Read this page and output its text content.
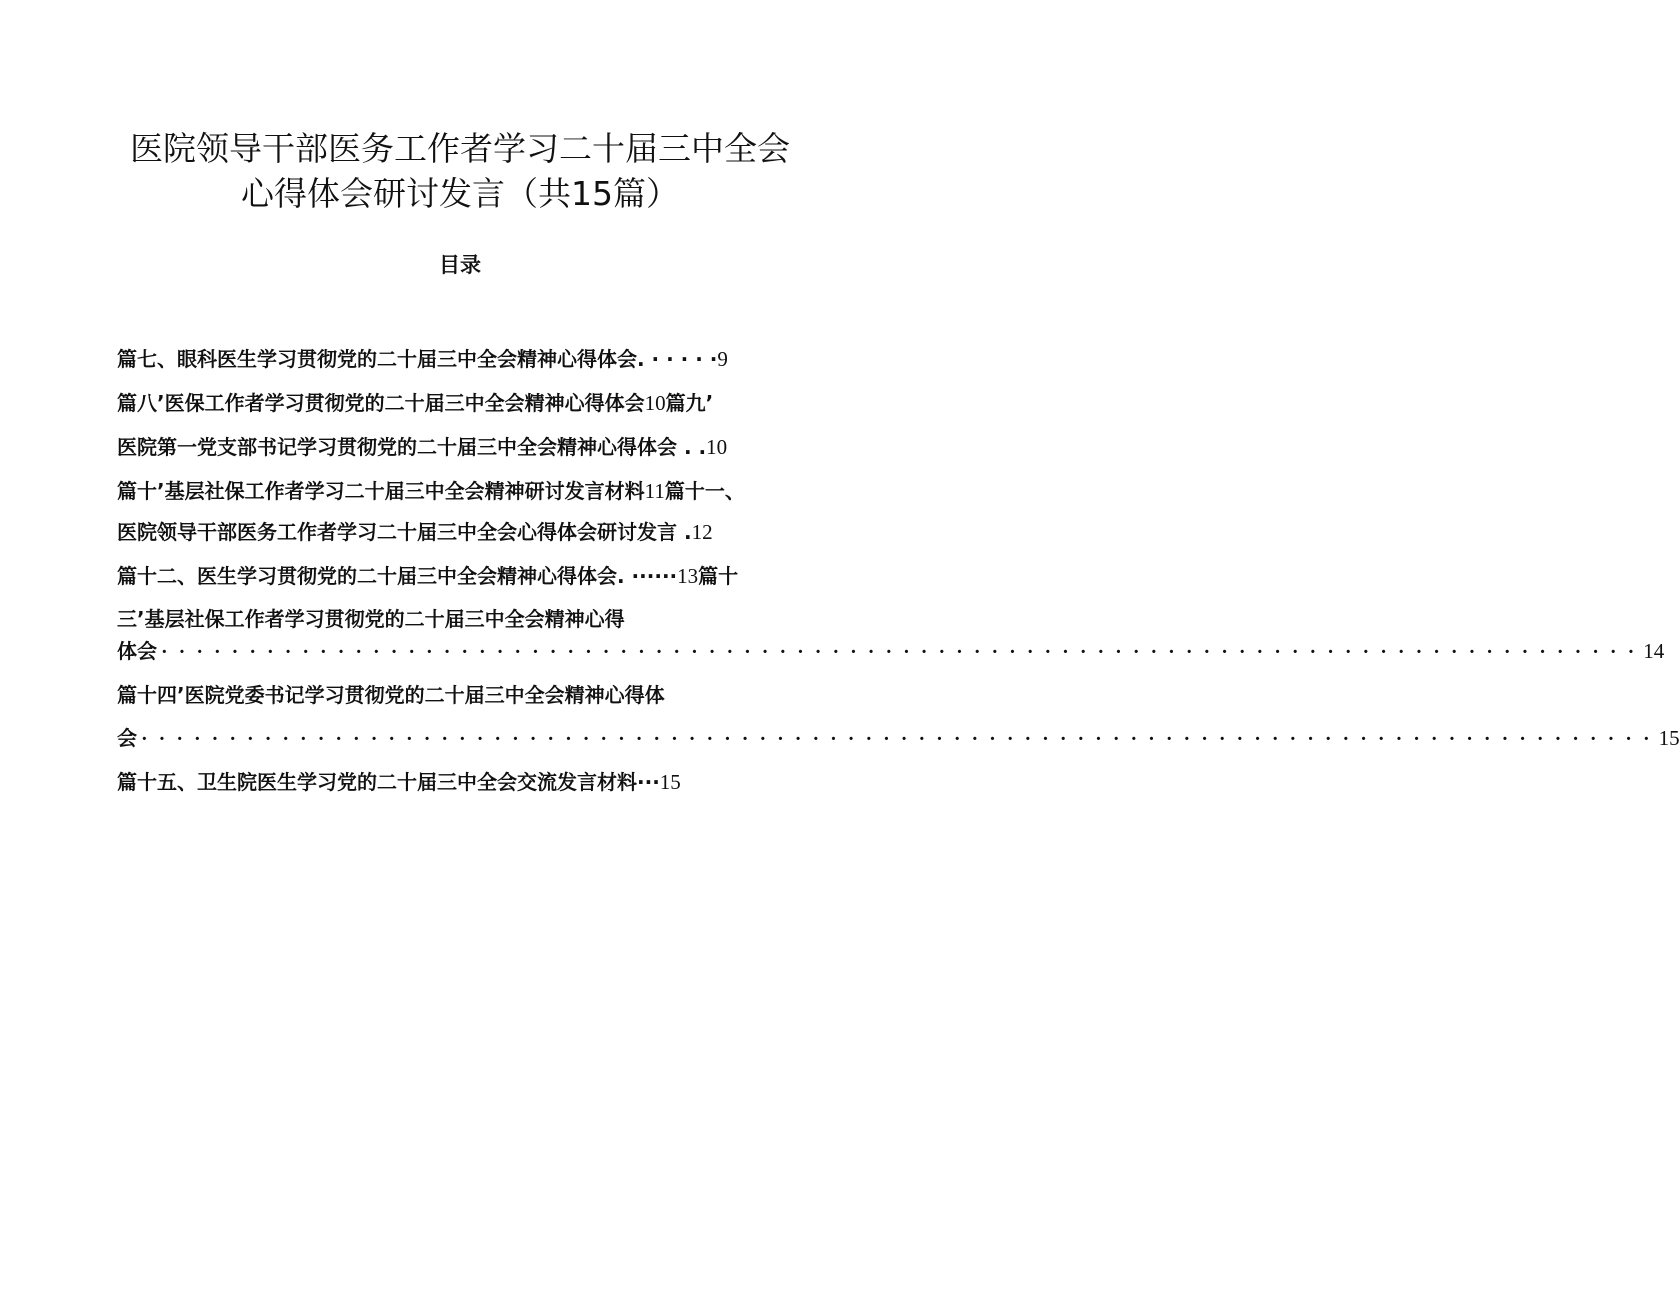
医院领导干部医务工作者学习二十届三中全会
心得体会研讨发言（共15篇）
目录
篇七、眼科医生学习贯彻党的二十届三中全会精神心得体会. · · · · ·9
篇八’医保工作者学习贯彻党的二十届三中全会精神心得体会10篇九’
医院第一党支部书记学习贯彻党的二十届三中全会精神心得体会 . .10
篇十’基层社保工作者学习二十届三中全会精神研讨发言材料11篇十一、
医院领导干部医务工作者学习二十届三中全会心得体会研讨发言 .12
篇十二、医生学习贯彻党的二十届三中全会精神心得体会. ······13篇十
三’基层社保工作者学习贯彻党的二十届三中全会精神心得
体会 · · · · · · · · · · · · · · · · · · · · · · · · · · · · · · · · · · · · · · · · · · · · · · · · · · · · · · · · · · · · · · · · · · · · · · · · · · · · · · · · · · · · 14
篇十四’医院党委书记学习贯彻党的二十届三中全会精神心得体
会 · · · · · · · · · · · · · · · · · · · · · · · · · · · · · · · · · · · · · · · · · · · · · · · · · · · · · · · · · · · · · · · · · · · · · · · · · · · · · · · · · · · · · · 15
篇十五、卫生院医生学习党的二十届三中全会交流发言材料···15
